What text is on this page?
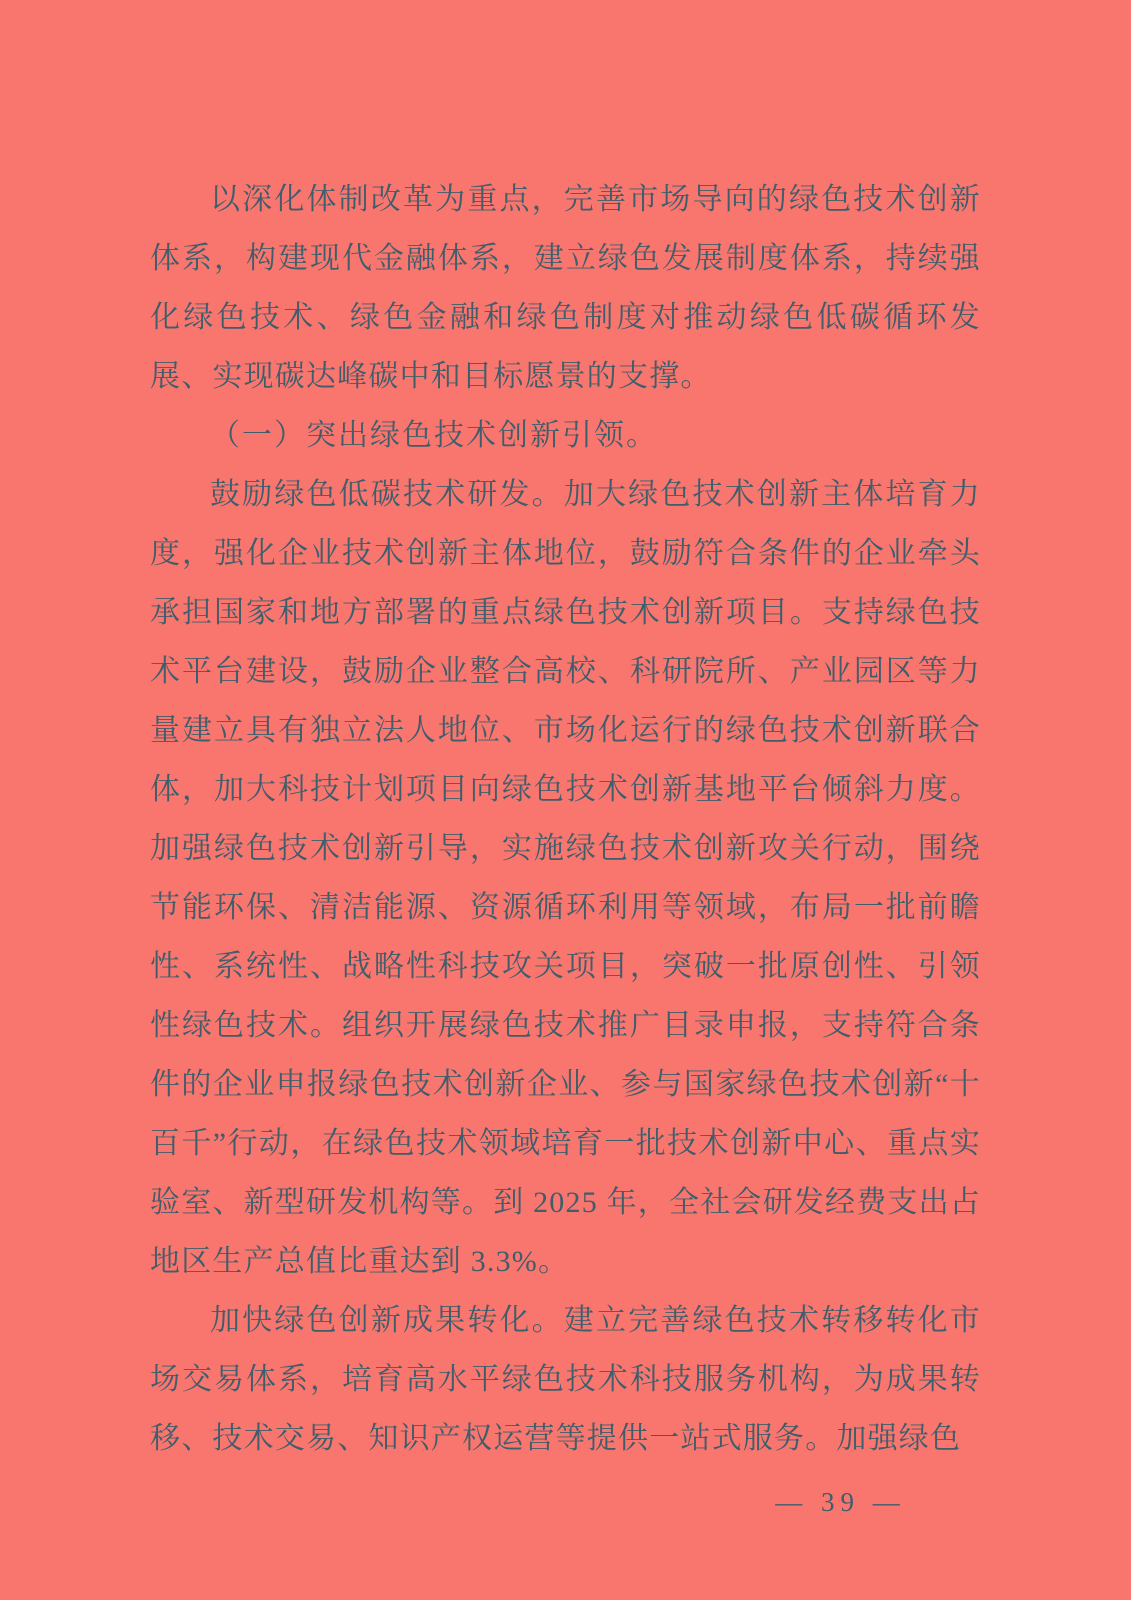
以深化体制改革为重点，完善市场导向的绿色技术创新体系，构建现代金融体系，建立绿色发展制度体系，持续强化绿色技术、绿色金融和绿色制度对推动绿色低碳循环发展、实现碳达峰碳中和目标愿景的支撑。

（一）突出绿色技术创新引领。

鼓励绿色低碳技术研发。加大绿色技术创新主体培育力度，强化企业技术创新主体地位，鼓励符合条件的企业牵头承担国家和地方部署的重点绿色技术创新项目。支持绿色技术平台建设，鼓励企业整合高校、科研院所、产业园区等力量建立具有独立法人地位、市场化运行的绿色技术创新联合体，加大科技计划项目向绿色技术创新基地平台倾斜力度。加强绿色技术创新引导，实施绿色技术创新攻关行动，围绕节能环保、清洁能源、资源循环利用等领域，布局一批前瞻性、系统性、战略性科技攻关项目，突破一批原创性、引领性绿色技术。组织开展绿色技术推广目录申报，支持符合条件的企业申报绿色技术创新企业、参与国家绿色技术创新“十百千”行动，在绿色技术领域培育一批技术创新中心、重点实验室、新型研发机构等。到 2025 年，全社会研发经费支出占地区生产总值比重达到 3.3%。

加快绿色创新成果转化。建立完善绿色技术转移转化市场交易体系，培育高水平绿色技术科技服务机构，为成果转移、技术交易、知识产权运营等提供一站式服务。加强绿色

— 39 —
